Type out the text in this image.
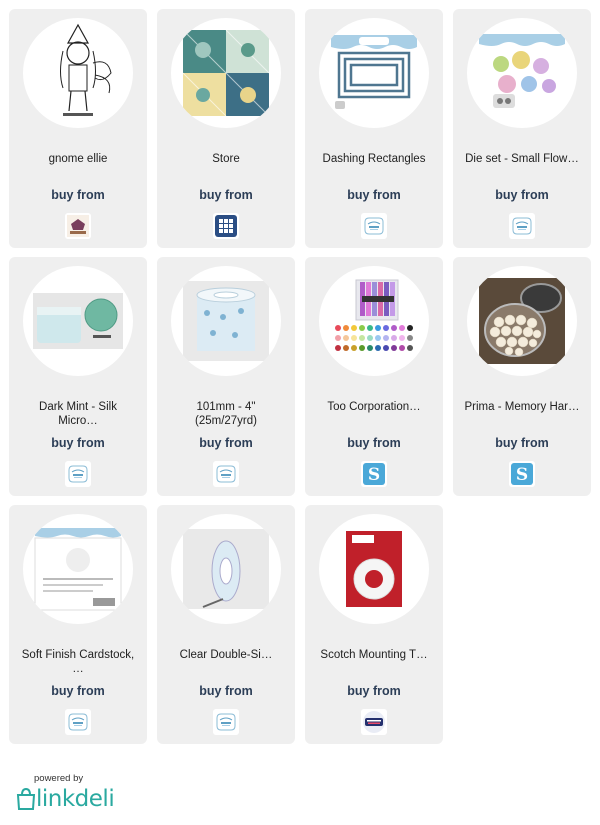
gnome ellie
buy from
Store
buy from
Dashing Rectangles
buy from
Die set - Small Flow…
buy from
Dark Mint - Silk
Micro…
buy from
101mm - 4"
(25m/27yrd)
buy from
Too Corporation…
buy from
S
Prima - Memory Har…
buy from
S
Soft Finish Cardstock,
…
buy from
Clear Double-Si…
buy from
Scotch Mounting T…
buy from
powered by
linkdeli
